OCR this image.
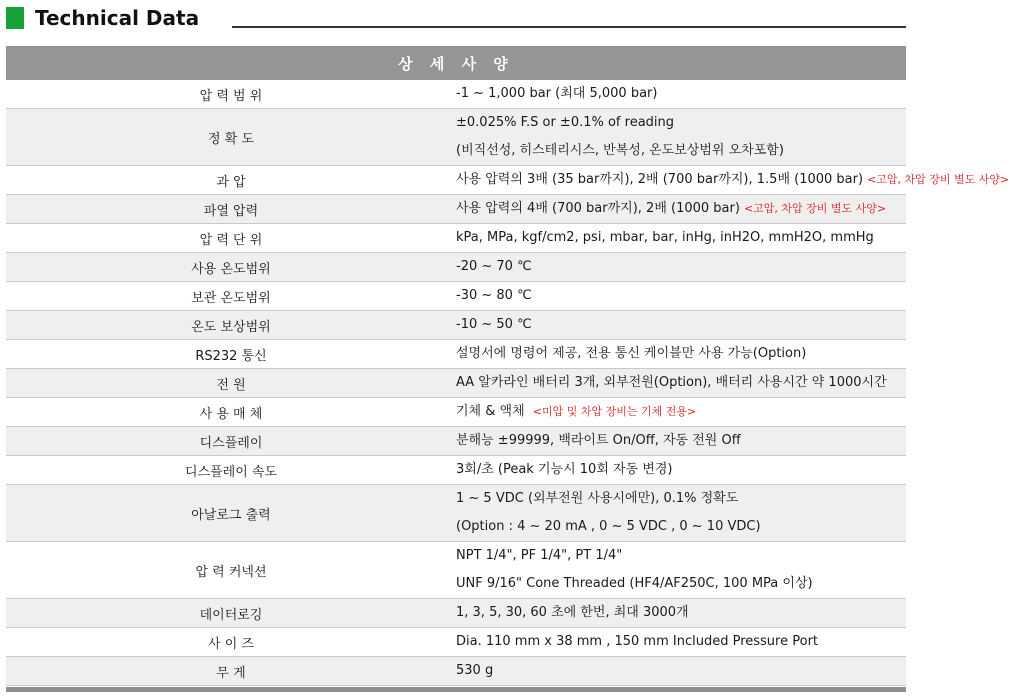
Technical Data
상 세 사 양	
압 력 범 위	-1 ~ 1,000 bar (최대 5,000 bar)

정 확 도	±0.025% F.S or ±0.1% of reading
(비직선성, 히스테리시스, 반복성, 온도보상범위 오차포함)

과 압	사용 압력의 3배 (35 bar까지), 2배 (700 bar까지), 1.5배 (1000 bar) <고압, 차압 장비 별도 사양>

파열 압력	사용 압력의 4배 (700 bar까지), 2배 (1000 bar) <고압, 차압 장비 별도 사양>

압 력 단 위	kPa, MPa, kgf/cm2, psi, mbar, bar, inHg, inH2O, mmH2O, mmHg

사용 온도범위	-20 ~ 70 ℃

보관 온도범위	-30 ~ 80 ℃

온도 보상범위	-10 ~ 50 ℃

RS232 통신	설명서에 명령어 제공, 전용 통신 케이블만 사용 가능(Option)

전 원	AA 알카라인 배터리 3개, 외부전원(Option), 배터리 사용시간 약 1000시간

사 용 매 체	기체 & 액체 <미압 및 차압 장비는 기체 전용>

디스플레이	분해능 ±99999, 백라이트 On/Off, 자동 전원 Off

디스플레이 속도	3회/초 (Peak 기능시 10회 자동 변경)

아날로그 출력	1 ~ 5 VDC (외부전원 사용시에만), 0.1% 정확도
(Option : 4 ~ 20 mA , 0 ~ 5 VDC , 0 ~ 10 VDC)

압 력 커넥션	NPT 1/4", PF 1/4", PT 1/4"
UNF 9/16" Cone Threaded (HF4/AF250C, 100 MPa 이상)

데이터로깅	1, 3, 5, 30, 60 초에 한번, 최대 3000개

사 이 즈	Dia. 110 mm x 38 mm , 150 mm Included Pressure Port

무 게	530 g
